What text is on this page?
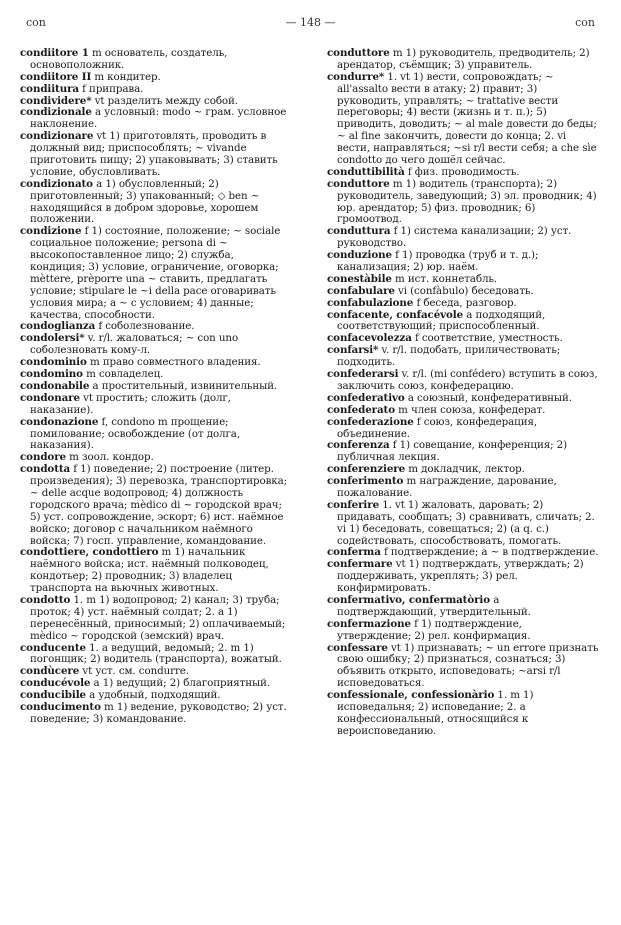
con	— 148 —	con

condiitore 1 m основатель, создатель, основоположник.

condiitore II m кондитер.

condiitura f приправа.

condividere* vt разделить между собой.

condizionale a условный: modo ~ грам. условное наклонение.

condizionare vt 1) приготовлять, проводить в должный вид; приспособлять; ~ vivande приготовить пищу; 2) упаковывать; 3) ставить условие, обусловливать.

condizionato a 1) обусловленный; 2) приготовленный; 3) упакованный; ◇ ben ~ находящийся в добром здоровье, хорошем положении.

condizione f 1) состояние, положение; ~ sociale социальное положение; persona di ~ высокопоставленное лицо; 2) служба, кондиция; 3) условие, ограничение, оговорка; mèttere, prèporre una ~ ставить, предлагать условие; stipulare le ~i della pace оговаривать условия мира; a ~ с условием; 4) данные; качества, способности.

condoglianza f соболезнование.

condolersi* v. r/l. жаловаться; ~ con uno соболезновать кому-л.

condominio m право совместного владения.

condomino m совладелец.

condonabile a простительный, извинительный.

condonare vt простить; сложить (долг, наказание).

condonazione f, condono m прощение; помилование; освобождение (от долга, наказания).

condore m зоол. кондор.

condotta f 1) поведение; 2) построение (литер. произведения); 3) перевозка, транспортировка; ~ delle acque водопровод; 4) должность городского врача; mèdico di ~ городской врач; 5) уст. сопровождение, эскорт; 6) ист. наёмное войско; договор с начальником наёмного войска; 7) госп. управление, командование.

condottiere, condottiero m 1) начальник наёмного войска; ист. наёмный полководец, кондотьер; 2) проводник; 3) владелец транспорта на вьючных животных.

condotto 1. m 1) водопровод; 2) канал; 3) труба; проток; 4) уст. наёмный солдат; 2. a 1) перенесённый, приносимый; 2) оплачиваемый; mèdico ~ городской (земский) врач.

conducente 1. a ведущий, ведомый; 2. m 1) погонщик; 2) водитель (транспорта), вожатый.

condùcere vt уст. см. condurre.

conducévole a 1) ведущий; 2) благоприятный.

conducibile a удобный, подходящий.

conducimento m 1) ведение, руководство; 2) уст. поведение; 3) командование.

conduttore m 1) руководитель, предводитель; 2) арендатор, съёмщик; 3) управитель.

condurre* 1. vt 1) вести, сопровождать; ~ all'assalto вести в атаку; 2) правит; 3) руководить, управлять; ~ trattative вести переговоры; 4) вести (жизнь и т. п.); 5) приводить, доводить; ~ al male довести до беды; ~ al fine закончить, довести до конца; 2. vi вести, направляться; ~si r/l вести себя; a che sìe condotto до чего дошёл сейчас.

conduttibilità f физ. проводимость.

conduttore m 1) водитель (транспорта); 2) руководитель, заведующий; 3) эл. проводник; 4) юр. арендатор; 5) физ. проводник; 6) громоотвод.

conduttura f 1) система канализации; 2) уст. руководство.

conduzione f 1) проводка (труб и т. д.); канализация; 2) юр. наём.

conestàbile m ист. коннетабль.

confabulare vi (confàbulo) беседовать.

confabulazione f беседа, разговор.

confacente, confacévole a подходящий, соответствующий; приспособленный.

confacevolezza f соответствие, уместность.

confarsi* v. r/l. подобать, приличествовать; подходить.

confederarsi v. r/l. (mi conféderо) вступить в союз, заключить союз, конфедерацию.

confederativo a союзный, конфедеративный.

confederato m член союза, конфедерат.

confederazione f союз, конфедерация, объединение.

conferenza f 1) совещание, конференция; 2) публичная лекция.

conferenziere m докладчик, лектор.

conferimento m награждение, дарование, пожалование.

conferire 1. vt 1) жаловать, даровать; 2) придавать, сообщать; 3) сравнивать, сличать; 2. vi 1) беседовать, совещаться; 2) (a q. c.) содействовать, способствовать, помогать.

conferma f подтверждение; a ~ в подтверждение.

confermare vt 1) подтверждать, утверждать; 2) поддерживать, укреплять; 3) рел. конфирмировать.

confermativo, confermatòrio a подтверждающий, утвердительный.

confermazione f 1) подтверждение, утверждение; 2) рел. конфирмация.

confessare vt 1) признавать; ~ un errore признать свою ошибку; 2) признаться, сознаться; 3) объявить открыто, исповедовать; ~arsi r/l исповедоваться.

confessionale, confessionàrio 1. m 1) исповедальня; 2) исповедание; 2. a конфессиональный, относящийся к вероисповеданию.
